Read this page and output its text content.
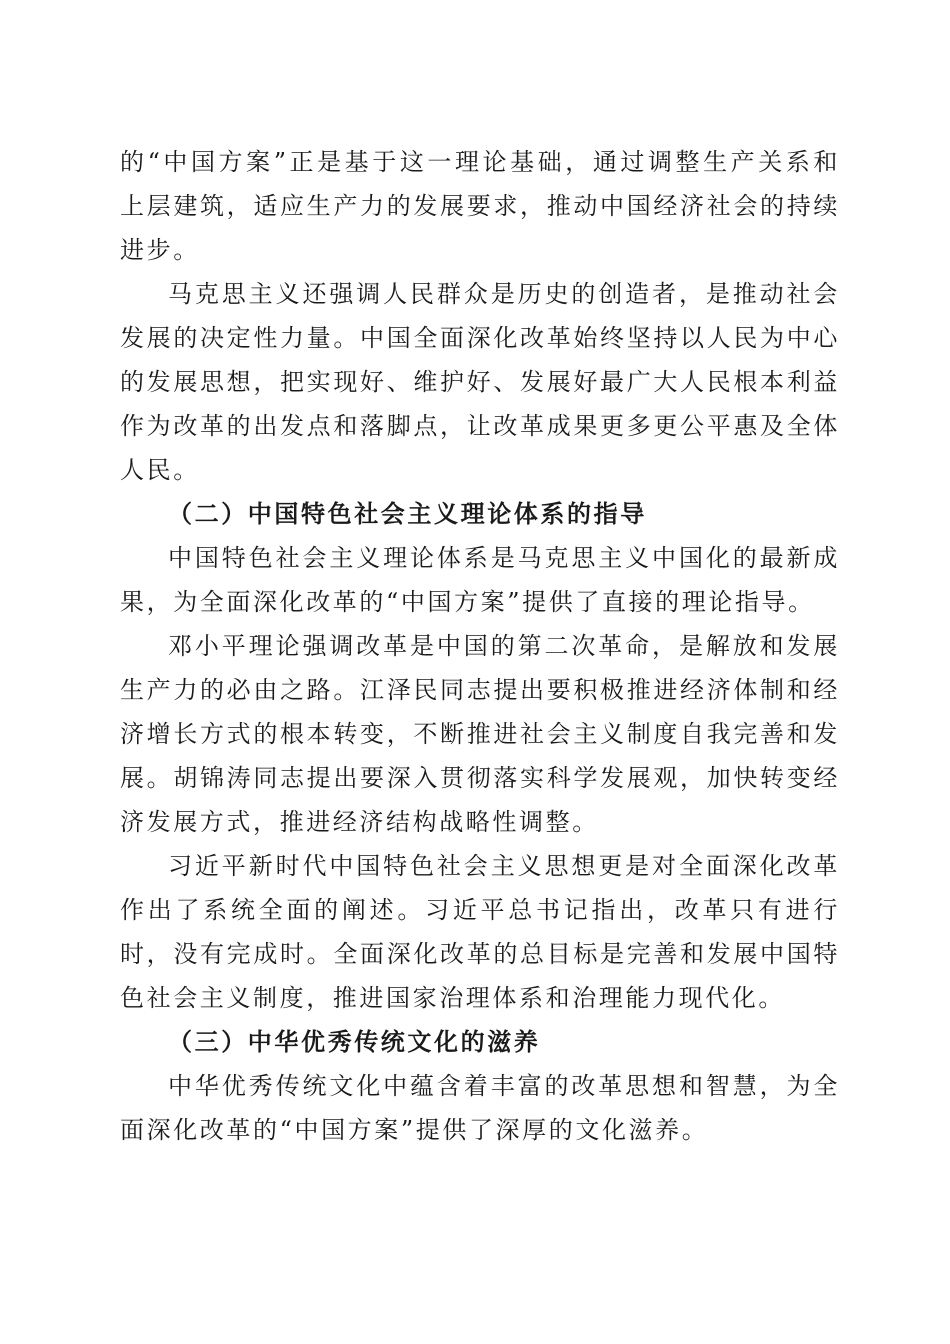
的“中国方案”正是基于这一理论基础，通过调整生产关系和上层建筑，适应生产力的发展要求，推动中国经济社会的持续进步。

马克思主义还强调人民群众是历史的创造者，是推动社会发展的决定性力量。中国全面深化改革始终坚持以人民为中心的发展思想，把实现好、维护好、发展好最广大人民根本利益作为改革的出发点和落脚点，让改革成果更多更公平惠及全体人民。

（二）中国特色社会主义理论体系的指导

中国特色社会主义理论体系是马克思主义中国化的最新成果，为全面深化改革的“中国方案”提供了直接的理论指导。

邓小平理论强调改革是中国的第二次革命，是解放和发展生产力的必由之路。江泽民同志提出要积极推进经济体制和经济增长方式的根本转变，不断推进社会主义制度自我完善和发展。胡锦涛同志提出要深入贯彻落实科学发展观，加快转变经济发展方式，推进经济结构战略性调整。

习近平新时代中国特色社会主义思想更是对全面深化改革作出了系统全面的阐述。习近平总书记指出，改革只有进行时，没有完成时。全面深化改革的总目标是完善和发展中国特色社会主义制度，推进国家治理体系和治理能力现代化。

（三）中华优秀传统文化的滋养

中华优秀传统文化中蕴含着丰富的改革思想和智慧，为全面深化改革的“中国方案”提供了深厚的文化滋养。
